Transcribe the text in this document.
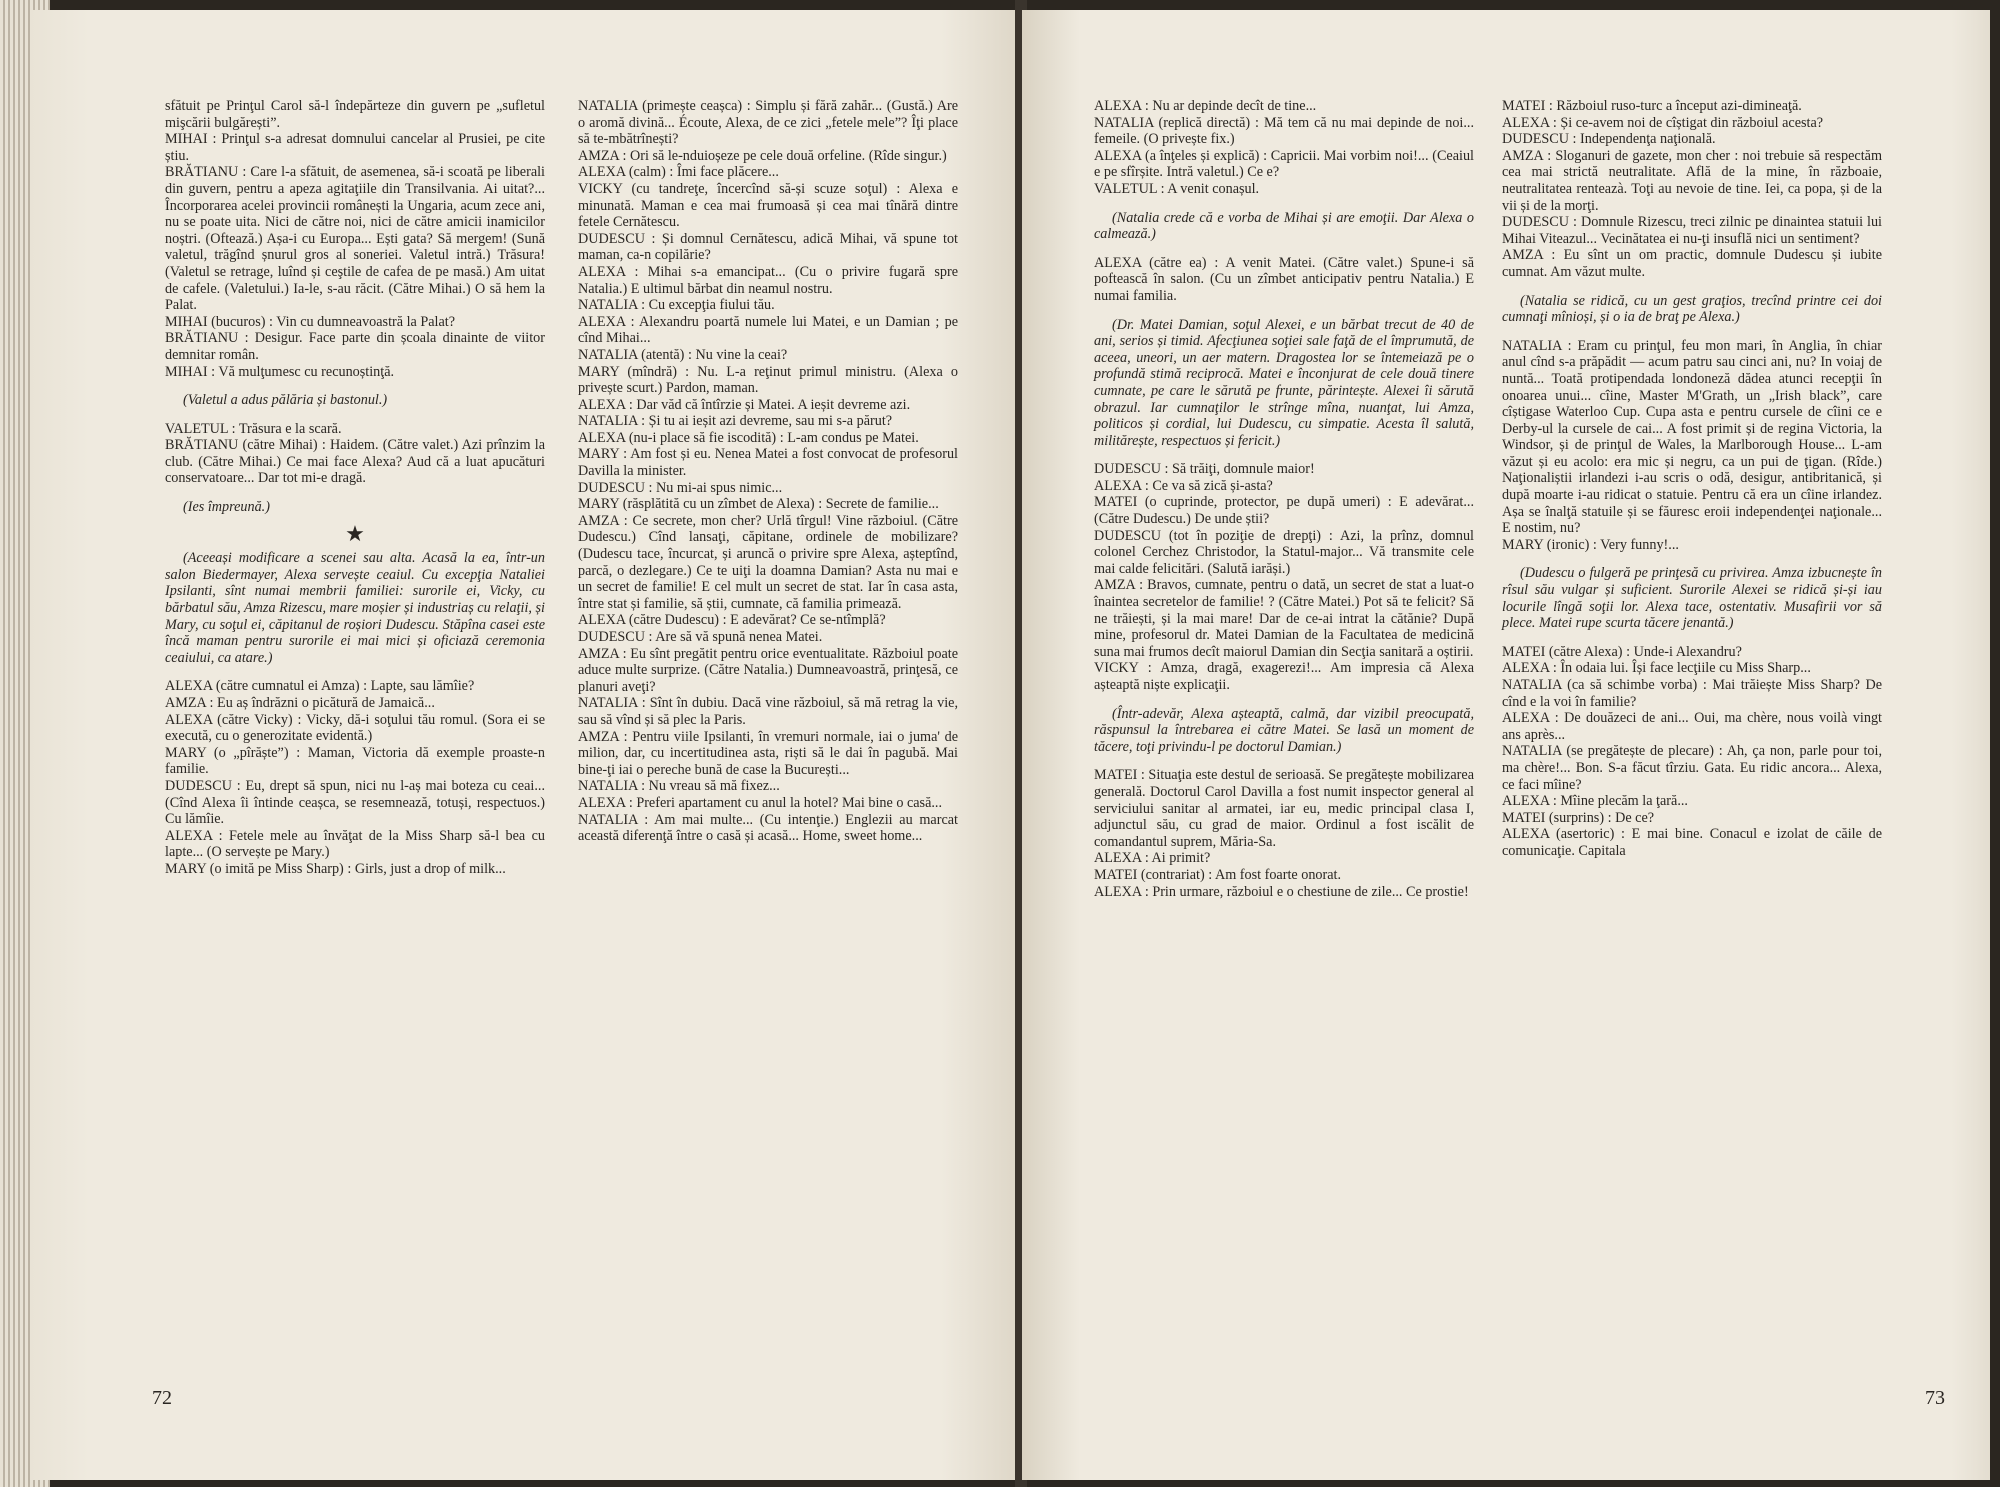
sfătuit pe Prinţul Carol să-l îndepărteze din guvern pe „sufletul mişcării bulgărești”.

MIHAI : Prinţul s-a adresat domnului cancelar al Prusiei, pe cite știu.

BRĂTIANU : Care l-a sfătuit, de asemenea, să-i scoată pe liberali din guvern, pentru a apeza agitaţiile din Transilvania. Ai uitat?... Încorporarea acelei provincii românești la Ungaria, acum zece ani, nu se poate uita. Nici de către noi, nici de către amicii inamicilor noștri. (Oftează.) Așa-i cu Europa... Ești gata? Să mergem! (Sună valetul, trăgînd șnurul gros al soneriei. Valetul intră.) Trăsura! (Valetul se retrage, luînd și ceştile de cafea de pe masă.) Am uitat de cafele. (Valetului.) Ia-le, s-au răcit. (Către Mihai.) O să hem la Palat.

MIHAI (bucuros) : Vin cu dumneavoastră la Palat?

BRĂTIANU : Desigur. Face parte din școala dinainte de viitor demnitar român.

MIHAI : Vă mulţumesc cu recunoștinţă.

(Valetul a adus pălăria și bastonul.)

VALETUL : Trăsura e la scară.

BRĂTIANU (către Mihai) : Haidem. (Către valet.) Azi prînzim la club. (Către Mihai.) Ce mai face Alexa? Aud că a luat apucături conservatoare... Dar tot mi-e dragă.

(Ies împreună.)

★

(Aceeași modificare a scenei sau alta. Acasă la ea, într-un salon Biedermayer, Alexa servește ceaiul. Cu excepţia Nataliei Ipsilanti, sînt numai membrii familiei: surorile ei, Vicky, cu bărbatul său, Amza Rizescu, mare moșier și industriaș cu relaţii, și Mary, cu soţul ei, căpitanul de roșiori Dudescu. Stăpîna casei este încă maman pentru surorile ei mai mici și oficiază ceremonia ceaiului, ca atare.)

ALEXA (către cumnatul ei Amza) : Lapte, sau lămîie?

AMZA : Eu aș îndrăzni o picătură de Jamaică...

ALEXA (către Vicky) : Vicky, dă-i soţului tău romul. (Sora ei se execută, cu o generozitate evidentă.)

MARY (o „pîrăște”) : Maman, Victoria dă exemple proaste-n familie.

DUDESCU : Eu, drept să spun, nici nu l-aș mai boteza cu ceai... (Cînd Alexa îi întinde ceașca, se resemnează, totuși, respectuos.) Cu lămîie.

ALEXA : Fetele mele au învăţat de la Miss Sharp să-l bea cu lapte... (O servește pe Mary.)

MARY (o imită pe Miss Sharp) : Girls, just a drop of milk...

NATALIA (primește ceașca) : Simplu și fără zahăr... (Gustă.) Are o aromă divină... Écoute, Alexa, de ce zici „fetele mele”? Îţi place să te-mbătrînești?

AMZA : Ori să le-nduioșeze pe cele două orfeline. (Rîde singur.)

ALEXA (calm) : Îmi face plăcere...

VICKY (cu tandreţe, încercînd să-și scuze soţul) : Alexa e minunată. Maman e cea mai frumoasă și cea mai tînără dintre fetele Cernătescu.

DUDESCU : Și domnul Cernătescu, adică Mihai, vă spune tot maman, ca-n copilărie?

ALEXA : Mihai s-a emancipat... (Cu o privire fugară spre Natalia.) E ultimul bărbat din neamul nostru.

NATALIA : Cu excepţia fiului tău.

ALEXA : Alexandru poartă numele lui Matei, e un Damian ; pe cînd Mihai...

NATALIA (atentă) : Nu vine la ceai?

MARY (mîndră) : Nu. L-a reţinut primul ministru. (Alexa o privește scurt.) Pardon, maman.

ALEXA : Dar văd că întîrzie și Matei. A ieșit devreme azi.

NATALIA : Și tu ai ieșit azi devreme, sau mi s-a părut?

ALEXA (nu-i place să fie iscodită) : L-am condus pe Matei.

MARY : Am fost și eu. Nenea Matei a fost convocat de profesorul Davilla la minister.

DUDESCU : Nu mi-ai spus nimic...

MARY (răsplătită cu un zîmbet de Alexa) : Secrete de familie...

AMZA : Ce secrete, mon cher? Urlă tîrgul! Vine războiul. (Către Dudescu.) Cînd lansaţi, căpitane, ordinele de mobilizare? (Dudescu tace, încurcat, și aruncă o privire spre Alexa, așteptînd, parcă, o dezlegare.) Ce te uiţi la doamna Damian? Asta nu mai e un secret de familie! E cel mult un secret de stat. Iar în casa asta, între stat și familie, să știi, cumnate, că familia primează.

ALEXA (către Dudescu) : E adevărat? Ce se-ntîmplă?

DUDESCU : Are să vă spună nenea Matei.

AMZA : Eu sînt pregătit pentru orice eventualitate. Războiul poate aduce multe surprize. (Către Natalia.) Dumneavoastră, prinţesă, ce planuri aveţi?

NATALIA : Sînt în dubiu. Dacă vine războiul, să mă retrag la vie, sau să vînd și să plec la Paris.

AMZA : Pentru viile Ipsilanti, în vremuri normale, iai o juma' de milion, dar, cu incertitudinea asta, riști să le dai în pagubă. Mai bine-ţi iai o pereche bună de case la București...

NATALIA : Nu vreau să mă fixez...

ALEXA : Preferi apartament cu anul la hotel? Mai bine o casă...

NATALIA : Am mai multe... (Cu intenţie.) Englezii au marcat această diferenţă între o casă și acasă... Home, sweet home...

72

ALEXA : Nu ar depinde decît de tine...

NATALIA (replică directă) : Mă tem că nu mai depinde de noi... femeile. (O privește fix.)

ALEXA (a înţeles și explică) : Capricii. Mai vorbim noi!... (Ceaiul e pe sfîrșite. Intră valetul.) Ce e?

VALETUL : A venit conașul.

(Natalia crede că e vorba de Mihai și are emoţii. Dar Alexa o calmează.)

ALEXA (către ea) : A venit Matei. (Către valet.) Spune-i să poftească în salon. (Cu un zîmbet anticipativ pentru Natalia.) E numai familia.

(Dr. Matei Damian, soţul Alexei, e un bărbat trecut de 40 de ani, serios și timid. Afecţiunea soţiei sale faţă de el împrumută, de aceea, uneori, un aer matern. Dragostea lor se întemeiază pe o profundă stimă reciprocă. Matei e înconjurat de cele două tinere cumnate, pe care le sărută pe frunte, părintește. Alexei îi sărută obrazul. Iar cumnaţilor le strînge mîna, nuanţat, lui Amza, politicos și cordial, lui Dudescu, cu simpatie. Acesta îl salută, militărește, respectuos și fericit.)

DUDESCU : Să trăiţi, domnule maior!

ALEXA : Ce va să zică și-asta?

MATEI (o cuprinde, protector, pe după umeri) : E adevărat... (Către Dudescu.) De unde știi?

DUDESCU (tot în poziţie de drepţi) : Azi, la prînz, domnul colonel Cerchez Christodor, la Statul-major... Vă transmite cele mai calde felicitări. (Salută iarăși.)

AMZA : Bravos, cumnate, pentru o dată, un secret de stat a luat-o înaintea secretelor de familie! ? (Către Matei.) Pot să te felicit? Să ne trăiești, și la mai mare! Dar de ce-ai intrat la cătănie? După mine, profesorul dr. Matei Damian de la Facultatea de medicină suna mai frumos decît maiorul Damian din Secţia sanitară a oștirii.

VICKY : Amza, dragă, exagerezi!... Am impresia că Alexa așteaptă niște explicaţii.

(Într-adevăr, Alexa așteaptă, calmă, dar vizibil preocupată, răspunsul la întrebarea ei către Matei. Se lasă un moment de tăcere, toţi privindu-l pe doctorul Damian.)

MATEI : Situaţia este destul de serioasă. Se pregătește mobilizarea generală. Doctorul Carol Davilla a fost numit inspector general al serviciului sanitar al armatei, iar eu, medic principal clasa I, adjunctul său, cu grad de maior. Ordinul a fost iscălit de comandantul suprem, Măria-Sa.

ALEXA : Ai primit?

MATEI (contrariat) : Am fost foarte onorat.

ALEXA : Prin urmare, războiul e o chestiune de zile... Ce prostie!

MATEI : Războiul ruso-turc a început azi-dimineaţă.

ALEXA : Și ce-avem noi de cîștigat din războiul acesta?

DUDESCU : Independenţa naţională.

AMZA : Sloganuri de gazete, mon cher : noi trebuie să respectăm cea mai strictă neutralitate. Află de la mine, în războaie, neutralitatea renteazà. Toţi au nevoie de tine. Iei, ca popa, și de la vii și de la morţi.

DUDESCU : Domnule Rizescu, treci zilnic pe dinaintea statuii lui Mihai Viteazul... Vecinătatea ei nu-ţi insuflă nici un sentiment?

AMZA : Eu sînt un om practic, domnule Dudescu și iubite cumnat. Am văzut multe.

(Natalia se ridică, cu un gest graţios, trecînd printre cei doi cumnaţi mînioși, și o ia de braţ pe Alexa.)

NATALIA : Eram cu prinţul, feu mon mari, în Anglia, în chiar anul cînd s-a prăpădit — acum patru sau cinci ani, nu? In voiaj de nuntă... Toată protipendada londoneză dădea atunci recepţii în onoarea unui... cîine, Master M'Grath, un „Irish black”, care cîștigase Waterloo Cup. Cupa asta e pentru cursele de cîini ce e Derby-ul la cursele de cai... A fost primit și de regina Victoria, la Windsor, și de prinţul de Wales, la Marlborough House... L-am văzut și eu acolo: era mic și negru, ca un pui de ţigan. (Rîde.) Naţionaliștii irlandezi i-au scris o odă, desigur, antibritanică, și după moarte i-au ridicat o statuie. Pentru că era un cîine irlandez. Așa se înalţă statuile și se făuresc eroii independenţei naţionale... E nostim, nu?

MARY (ironic) : Very funny!...

(Dudescu o fulgeră pe prinţesă cu privirea. Amza izbucnește în rîsul său vulgar și suficient. Surorile Alexei se ridică și-și iau locurile lîngă soţii lor. Alexa tace, ostentativ. Musafirii vor să plece. Matei rupe scurta tăcere jenantă.)

MATEI (către Alexa) : Unde-i Alexandru?

ALEXA : În odaia lui. Își face lecţiile cu Miss Sharp...

NATALIA (ca să schimbe vorba) : Mai trăiește Miss Sharp? De cînd e la voi în familie?

ALEXA : De douăzeci de ani... Oui, ma chère, nous voilà vingt ans après...

NATALIA (se pregătește de plecare) : Ah, ça non, parle pour toi, ma chère!... Bon. S-a făcut tîrziu. Gata. Eu ridic ancora... Alexa, ce faci mîine?

ALEXA : Mîine plecăm la ţară...

MATEI (surprins) : De ce?

ALEXA (asertoric) : E mai bine. Conacul e izolat de căile de comunicaţie. Capitala

73
